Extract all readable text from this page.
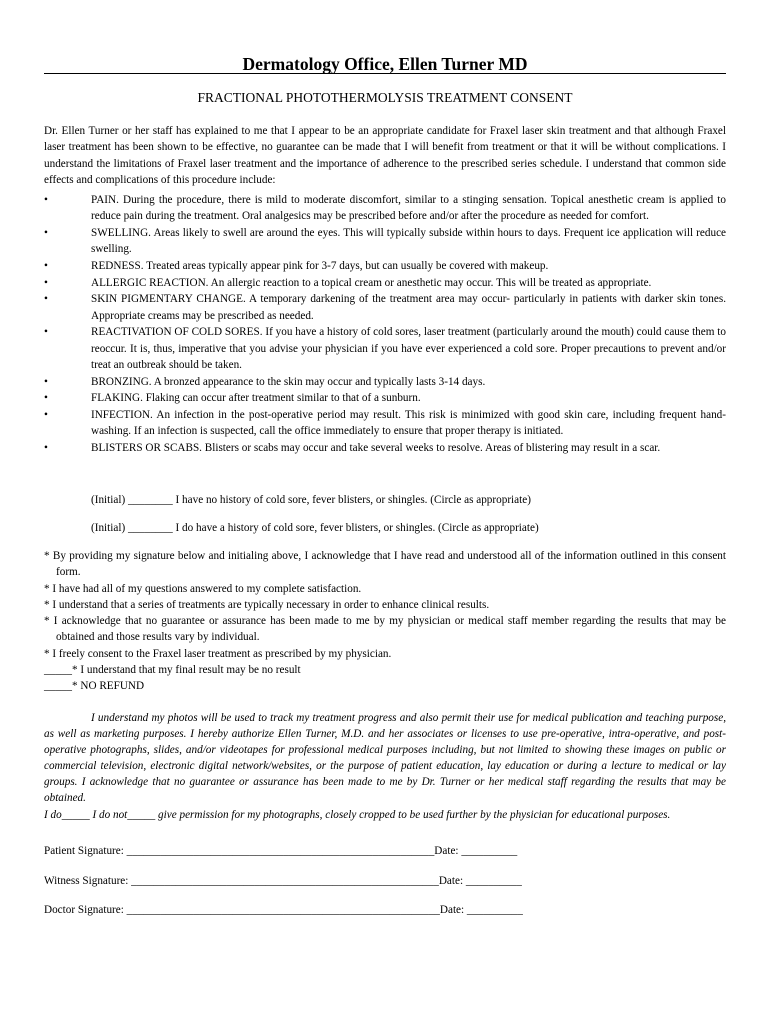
Dermatology Office, Ellen Turner MD
FRACTIONAL PHOTOTHERMOLYSIS TREATMENT CONSENT
Dr. Ellen Turner or her staff has explained to me that I appear to be an appropriate candidate for Fraxel laser skin treatment and that although Fraxel laser treatment has been shown to be effective, no guarantee can be made that I will benefit from treatment or that it will be without complications. I understand the limitations of Fraxel laser treatment and the importance of adherence to the prescribed series schedule. I understand that common side effects and complications of this procedure include:
•	PAIN. During the procedure, there is mild to moderate discomfort, similar to a stinging sensation. Topical anesthetic cream is applied to reduce pain during the treatment. Oral analgesics may be prescribed before and/or after the procedure as needed for comfort.
•	SWELLING. Areas likely to swell are around the eyes. This will typically subside within hours to days. Frequent ice application will reduce swelling.
•	REDNESS. Treated areas typically appear pink for 3-7 days, but can usually be covered with makeup.
•	ALLERGIC REACTION. An allergic reaction to a topical cream or anesthetic may occur. This will be treated as appropriate.
•	SKIN PIGMENTARY CHANGE. A temporary darkening of the treatment area may occur- particularly in patients with darker skin tones. Appropriate creams may be prescribed as needed.
•	REACTIVATION OF COLD SORES. If you have a history of cold sores, laser treatment (particularly around the mouth) could cause them to reoccur. It is, thus, imperative that you advise your physician if you have ever experienced a cold sore. Proper precautions to prevent and/or treat an outbreak should be taken.
•	BRONZING. A bronzed appearance to the skin may occur and typically lasts 3-14 days.
•	FLAKING. Flaking can occur after treatment similar to that of a sunburn.
•	INFECTION. An infection in the post-operative period may result. This risk is minimized with good skin care, including frequent hand-washing. If an infection is suspected, call the office immediately to ensure that proper therapy is initiated.
•	BLISTERS OR SCABS. Blisters or scabs may occur and take several weeks to resolve. Areas of blistering may result in a scar.
(Initial) ________ I have no history of cold sore, fever blisters, or shingles. (Circle as appropriate)
(Initial) ________ I do have a history of cold sore, fever blisters, or shingles. (Circle as appropriate)
* By providing my signature below and initialing above, I acknowledge that I have read and understood all of the information outlined in this consent form.
* I have had all of my questions answered to my complete satisfaction.
* I understand that a series of treatments are typically necessary in order to enhance clinical results.
* I acknowledge that no guarantee or assurance has been made to me by my physician or medical staff member regarding the results that may be obtained and those results vary by individual.
* I freely consent to the Fraxel laser treatment as prescribed by my physician.
_____* I understand that my final result may be no result
_____* NO REFUND
I understand my photos will be used to track my treatment progress and also permit their use for medical publication and teaching purpose, as well as marketing purposes. I hereby authorize Ellen Turner, M.D. and her associates or licenses to use pre-operative, intra-operative, and post-operative photographs, slides, and/or videotapes for professional medical purposes including, but not limited to showing these images on public or commercial television, electronic digital network/websites, or the purpose of patient education, lay education or during a lecture to medical or lay groups. I acknowledge that no guarantee or assurance has been made to me by Dr. Turner or her medical staff regarding the results that may be obtained.
I do_____ I do not_____ give permission for my photographs, closely cropped to be used further by the physician for educational purposes.
Patient Signature: _______________________________________________________Date: __________
Witness Signature: _______________________________________________________Date: __________
Doctor Signature: ________________________________________________________Date: __________
